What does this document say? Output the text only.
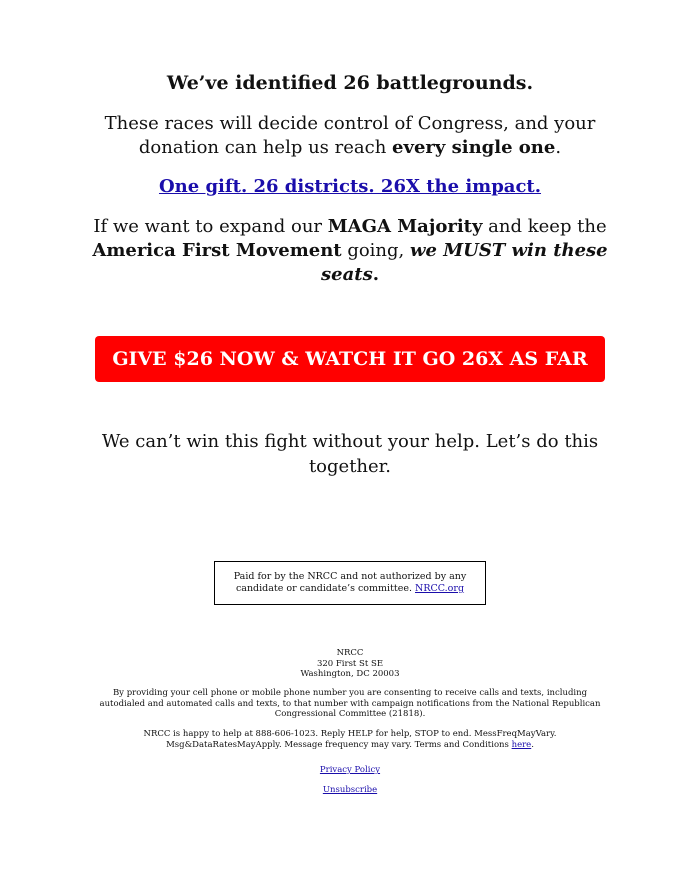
We’ve identified 26 battlegrounds.
These races will decide control of Congress, and your donation can help us reach every single one.
One gift. 26 districts. 26X the impact.
If we want to expand our MAGA Majority and keep the America First Movement going, we MUST win these seats.
GIVE $26 NOW & WATCH IT GO 26X AS FAR
We can’t win this fight without your help. Let’s do this together.
Paid for by the NRCC and not authorized by any candidate or candidate’s committee. NRCC.org
NRCC
320 First St SE
Washington, DC 20003
By providing your cell phone or mobile phone number you are consenting to receive calls and texts, including autodialed and automated calls and texts, to that number with campaign notifications from the National Republican Congressional Committee (21818).
NRCC is happy to help at 888-606-1023. Reply HELP for help, STOP to end. MessFreqMayVary. Msg&DataRatesMayApply. Message frequency may vary. Terms and Conditions here.
Privacy Policy
Unsubscribe
